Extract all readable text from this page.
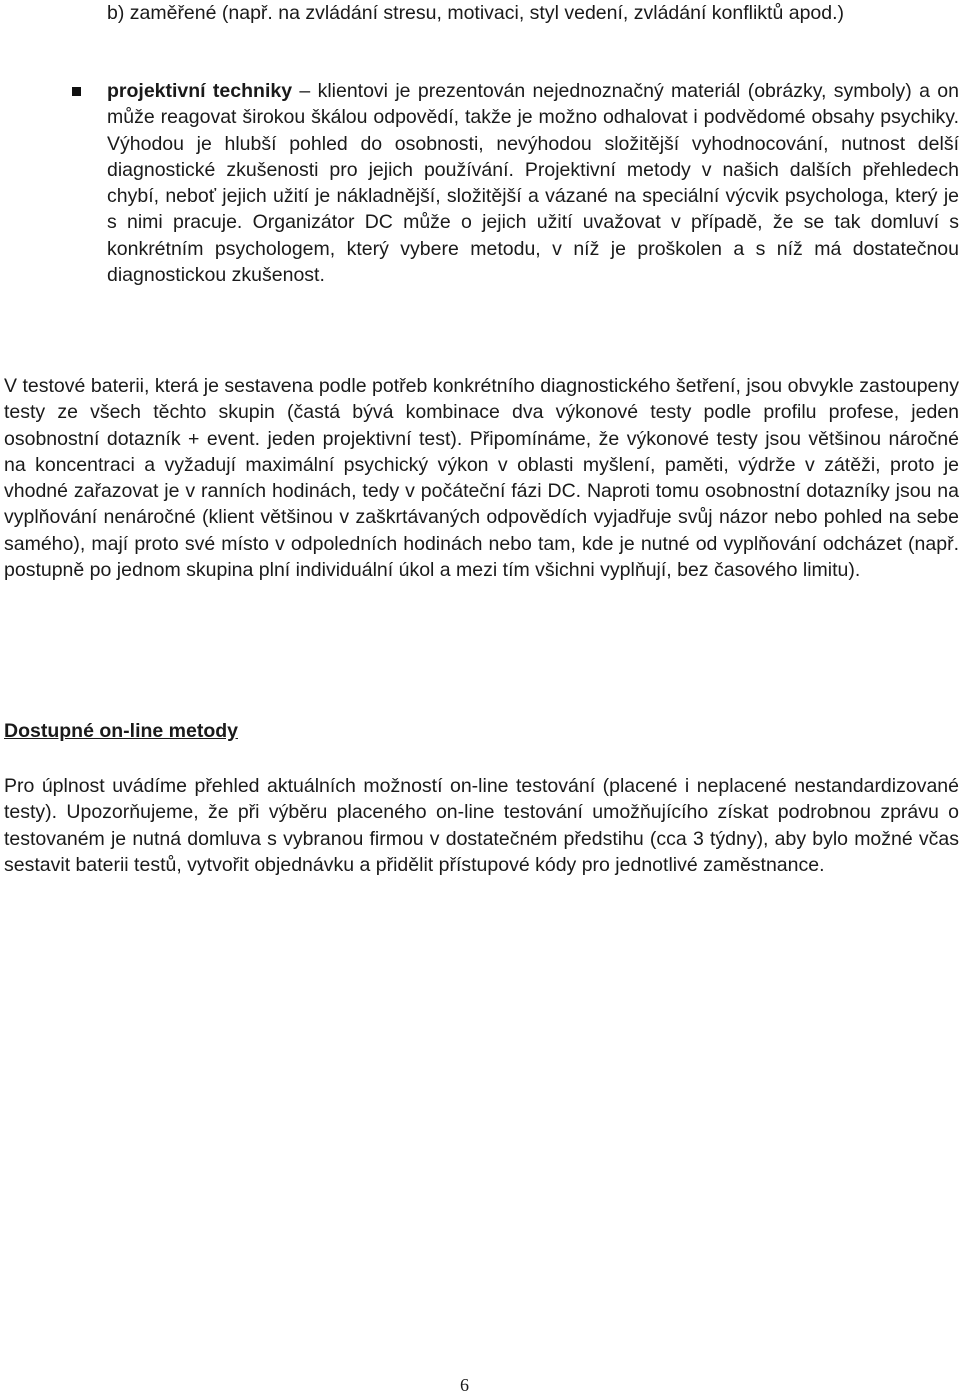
b) zaměřené (např. na zvládání stresu, motivaci, styl vedení, zvládání konfliktů apod.)

projektivní techniky – klientovi je prezentován nejednoznačný materiál (obrázky, symboly) a on může reagovat širokou škálou odpovědí, takže je možno odhalovat i podvědomé obsahy psychiky. Výhodou je hlubší pohled do osobnosti, nevýhodou složitější vyhodnocování, nutnost delší diagnostické zkušenosti pro jejich používání. Projektivní metody v našich dalších přehledech chybí, neboť jejich užití je nákladnější, složitější a vázané na speciální výcvik psychologa, který je s nimi pracuje. Organizátor DC může o jejich užití uvažovat v případě, že se tak domluví s konkrétním psychologem, který vybere metodu, v níž je proškolen a s níž má dostatečnou diagnostickou zkušenost.

V testové baterii, která je sestavena podle potřeb konkrétního diagnostického šetření, jsou obvykle zastoupeny testy ze všech těchto skupin (častá bývá kombinace dva výkonové testy podle profilu profese, jeden osobnostní dotazník + event. jeden projektivní test). Připomínáme, že výkonové testy jsou většinou náročné na koncentraci a vyžadují maximální psychický výkon v oblasti myšlení, paměti, výdrže v zátěži, proto je vhodné zařazovat je v ranních hodinách, tedy v počáteční fázi DC. Naproti tomu osobnostní dotazníky jsou na vyplňování nenáročné (klient většinou v zaškrtávaných odpovědích vyjadřuje svůj názor nebo pohled na sebe samého), mají proto své místo v odpoledních hodinách nebo tam, kde je nutné od vyplňování odcházet (např. postupně po jednom skupina plní individuální úkol a mezi tím všichni vyplňují, bez časového limitu).

Dostupné on-line metody

Pro úplnost uvádíme přehled aktuálních možností on-line testování (placené i neplacené nestandardizované testy). Upozorňujeme, že při výběru placeného on-line testování umožňujícího získat podrobnou zprávu o testovaném je nutná domluva s vybranou firmou v dostatečném předstihu (cca 3 týdny), aby bylo možné včas sestavit baterii testů, vytvořit objednávku a přidělit přístupové kódy pro jednotlivé zaměstnance.

6
